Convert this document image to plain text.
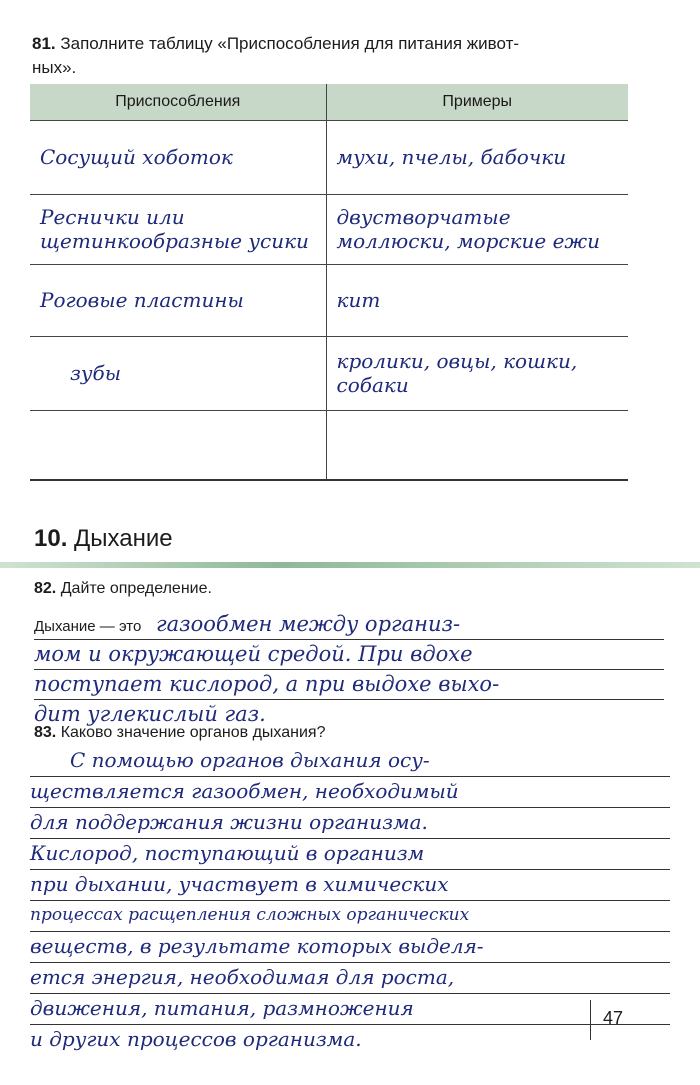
81. Заполните таблицу «Приспособления для питания живот-
ных».
Приспособления	Примеры
Сосущий хоботок	мухи, пчелы, бабочки
Реснички или щетинкообразные усики	двустворчатые моллюски, морские ежи
Роговые пластины	кит
зубы	кролики, овцы, кошки, собаки

10. Дыхание
82. Дайте определение.
Дыхание — это газообмен между организ-
мом и окружающей средой. При вдохе
поступает кислород, а при выдохе выхо-
дит углекислый газ.
83. Каково значение органов дыхания?
С помощью органов дыхания осу-
ществляется газообмен, необходимый
для поддержания жизни организма.
Кислород, поступающий в организм
при дыхании, участвует в химических
процессах расщепления сложных органических
веществ, в результате которых выделя-
ется энергия, необходимая для роста,
движения, питания, размножения
и других процессов организма.
47
